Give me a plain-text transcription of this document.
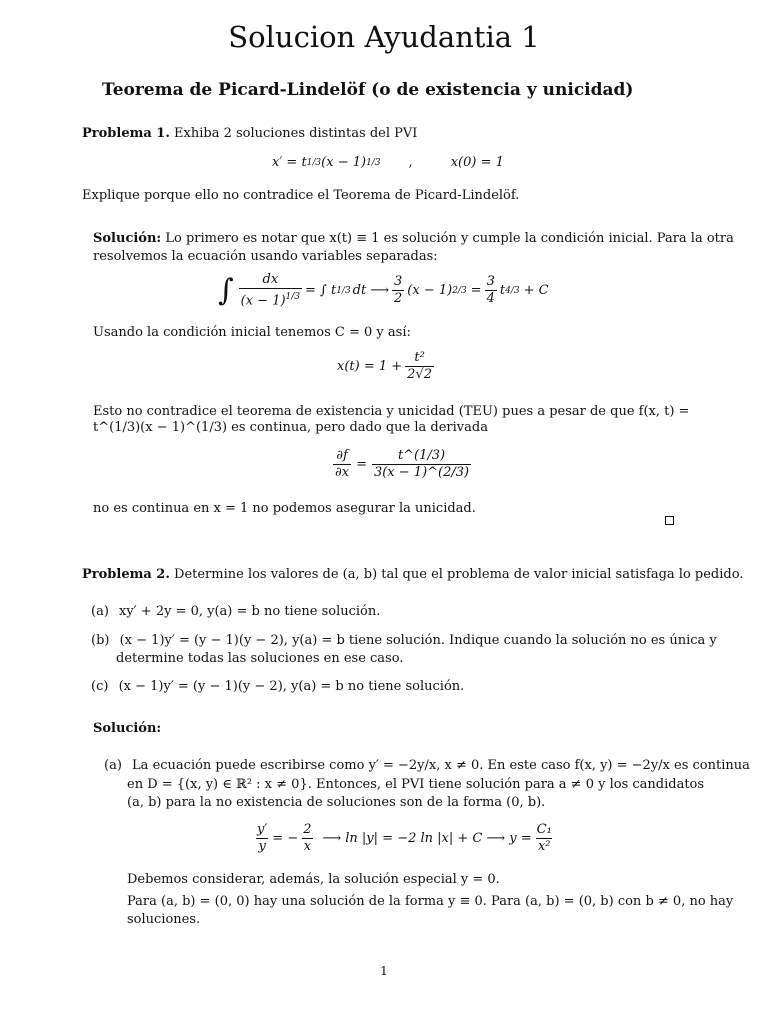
Solucion Ayudantia 1
Teorema de Picard-Lindelöf (o de existencia y unicidad)
Problema 1. Exhiba 2 soluciones distintas del PVI
x′ = t 1/3 (x − 1) 1/3 ,	x(0) = 1
Explique porque ello no contradice el Teorema de Picard-Lindelöf.
Solución: Lo primero es notar que x(t) ≡ 1 es solución y cumple la condición inicial. Para la otra
resolvemos la ecuación usando variables separadas:
∫ $\frac{dx}{(x - 1)^{1/3}}$ = ∫ t 1/3 dt ⟶ $\frac{3}{2} (x - 1) 2/3 = \frac{3}{4}$ t 4/3 + C
Usando la condición inicial tenemos C = 0 y así:
$x(t) = 1 + \frac{\text{t²}}{2√2}$
Esto no contradice el teorema de existencia y unicidad (TEU) pues a pesar de que f(x, t) =
t^(1/3)(x − 1)^(1/3) es continua, pero dado que la derivada
$\frac{\partial f}{\partial x} = \frac{t\^{}(1/3)}{3(x - 1)\^{}(2/3)}$
no es continua en x = 1 no podemos asegurar la unicidad.
Problema 2. Determine los valores de (a, b) tal que el problema de valor inicial satisfaga lo pedido.
(a) xy′ + 2y = 0, y(a) = b no tiene solución.
(b) (x − 1)y′ = (y − 1)(y − 2), y(a) = b tiene solución. Indique cuando la solución no es única y
determine todas las soluciones en ese caso.
(c) (x − 1)y′ = (y − 1)(y − 2), y(a) = b no tiene solución.
Solución:
(a) La ecuación puede escribirse como y′ = −2y/x, x ≠ 0. En este caso f(x, y) = −2y/x es continua
en D = {(x, y) ∈ ℝ² : x ≠ 0}. Entonces, el PVI tiene solución para a ≠ 0 y los candidatos
(a, b) para la no existencia de soluciones son de la forma (0, b).
$\frac{y'}{y}$ = − $\frac{2}{x}$ ⟶ ln |y| = −2 ln |x| + C ⟶ $y = \frac{\text{C₁}}{\text{x²}}$
Debemos considerar, además, la solución especial y = 0.
Para (a, b) = (0, 0) hay una solución de la forma y ≡ 0. Para (a, b) = (0, b) con b ≠ 0, no hay
soluciones.
1
